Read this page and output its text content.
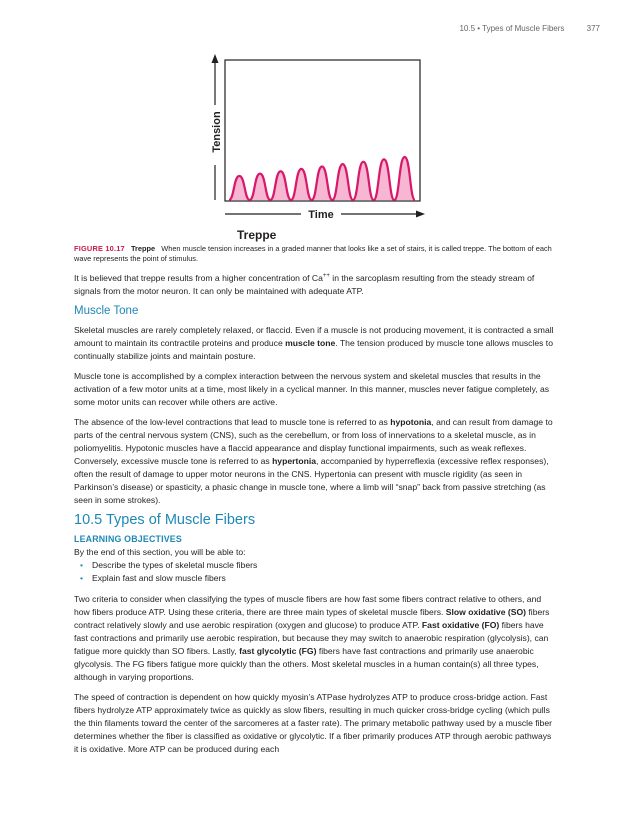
10.5 • Types of Muscle Fibers	377
Time
Tension
Treppe
FIGURE 10.17 Treppe When muscle tension increases in a graded manner that looks like a set of stairs, it is called treppe. The bottom of each wave represents the point of stimulus.

It is believed that treppe results from a higher concentration of Ca++ in the sarcoplasm resulting from the steady stream of signals from the motor neuron. It can only be maintained with adequate ATP.

Muscle Tone

Skeletal muscles are rarely completely relaxed, or flaccid. Even if a muscle is not producing movement, it is contracted a small amount to maintain its contractile proteins and produce muscle tone. The tension produced by muscle tone allows muscles to continually stabilize joints and maintain posture.

Muscle tone is accomplished by a complex interaction between the nervous system and skeletal muscles that results in the activation of a few motor units at a time, most likely in a cyclical manner. In this manner, muscles never fatigue completely, as some motor units can recover while others are active.

The absence of the low-level contractions that lead to muscle tone is referred to as hypotonia, and can result from damage to parts of the central nervous system (CNS), such as the cerebellum, or from loss of innervations to a skeletal muscle, as in poliomyelitis. Hypotonic muscles have a flaccid appearance and display functional impairments, such as weak reflexes. Conversely, excessive muscle tone is referred to as hypertonia, accompanied by hyperreflexia (excessive reflex responses), often the result of damage to upper motor neurons in the CNS. Hypertonia can present with muscle rigidity (as seen in Parkinson’s disease) or spasticity, a phasic change in muscle tone, where a limb will “snap” back from passive stretching (as seen in some strokes).

10.5 Types of Muscle Fibers
LEARNING OBJECTIVES
By the end of this section, you will be able to:
• Describe the types of skeletal muscle fibers
• Explain fast and slow muscle fibers

Two criteria to consider when classifying the types of muscle fibers are how fast some fibers contract relative to others, and how fibers produce ATP. Using these criteria, there are three main types of skeletal muscle fibers. Slow oxidative (SO) fibers contract relatively slowly and use aerobic respiration (oxygen and glucose) to produce ATP. Fast oxidative (FO) fibers have fast contractions and primarily use aerobic respiration, but because they may switch to anaerobic respiration (glycolysis), can fatigue more quickly than SO fibers. Lastly, fast glycolytic (FG) fibers have fast contractions and primarily use anaerobic glycolysis. The FG fibers fatigue more quickly than the others. Most skeletal muscles in a human contain(s) all three types, although in varying proportions.

The speed of contraction is dependent on how quickly myosin’s ATPase hydrolyzes ATP to produce cross-bridge action. Fast fibers hydrolyze ATP approximately twice as quickly as slow fibers, resulting in much quicker cross-bridge cycling (which pulls the thin filaments toward the center of the sarcomeres at a faster rate). The primary metabolic pathway used by a muscle fiber determines whether the fiber is classified as oxidative or glycolytic. If a fiber primarily produces ATP through aerobic pathways it is oxidative. More ATP can be produced during each
